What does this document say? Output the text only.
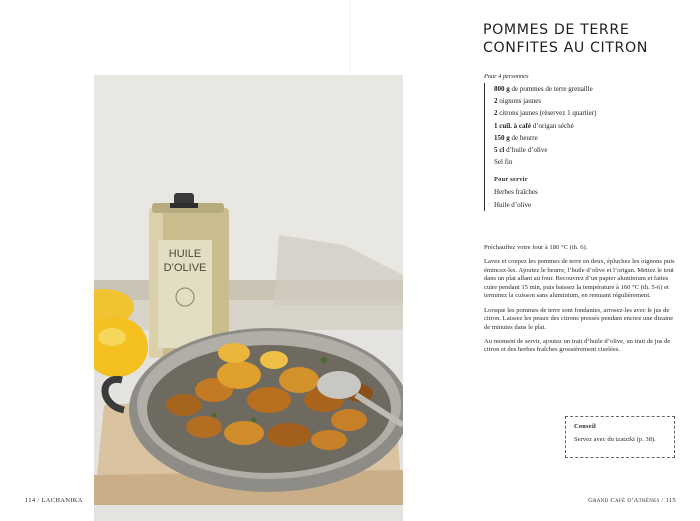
HUILE
D’OLIVE
POMMES DE TERRE
CONFITES AU CITRON
Pour 4 personnes
800 g de pommes de terre grenaille
2 oignons jaunes
2 citrons jaunes (réservez 1 quartier)
1 cuil. à café d’origan séché
150 g de beurre
5 cl d’huile d’olive
Sel fin
Pour servir
Herbes fraîches
Huile d’olive

Préchauffez votre four à 180 °C (th. 6).

Lavez et coupez les pommes de terre en deux, épluchez les oignons puis émincez-les. Ajoutez le beurre, l’huile d’olive et l’origan. Mettez le tout dans un plat allant au four. Recouvrez d’un papier aluminium et faites cuire pendant 15 min, puis baissez la température à 160 °C (th. 5-6) et terminez la cuisson sans aluminium, en remuant régulièrement.

Lorsque les pommes de terre sont fondantes, arrosez-les avec le jus de citron. Laissez les peaux des citrons pressés pendant encore une dizaine de minutes dans le plat.

Au moment de servir, ajoutez un trait d’huile d’olive, un trait de jus de citron et des herbes fraîches grossièrement ciselées.

Conseil
Servez avec du tzatziki (p. 38).
114 / LACHANIKA	Grand Café d’Athènes / 115
